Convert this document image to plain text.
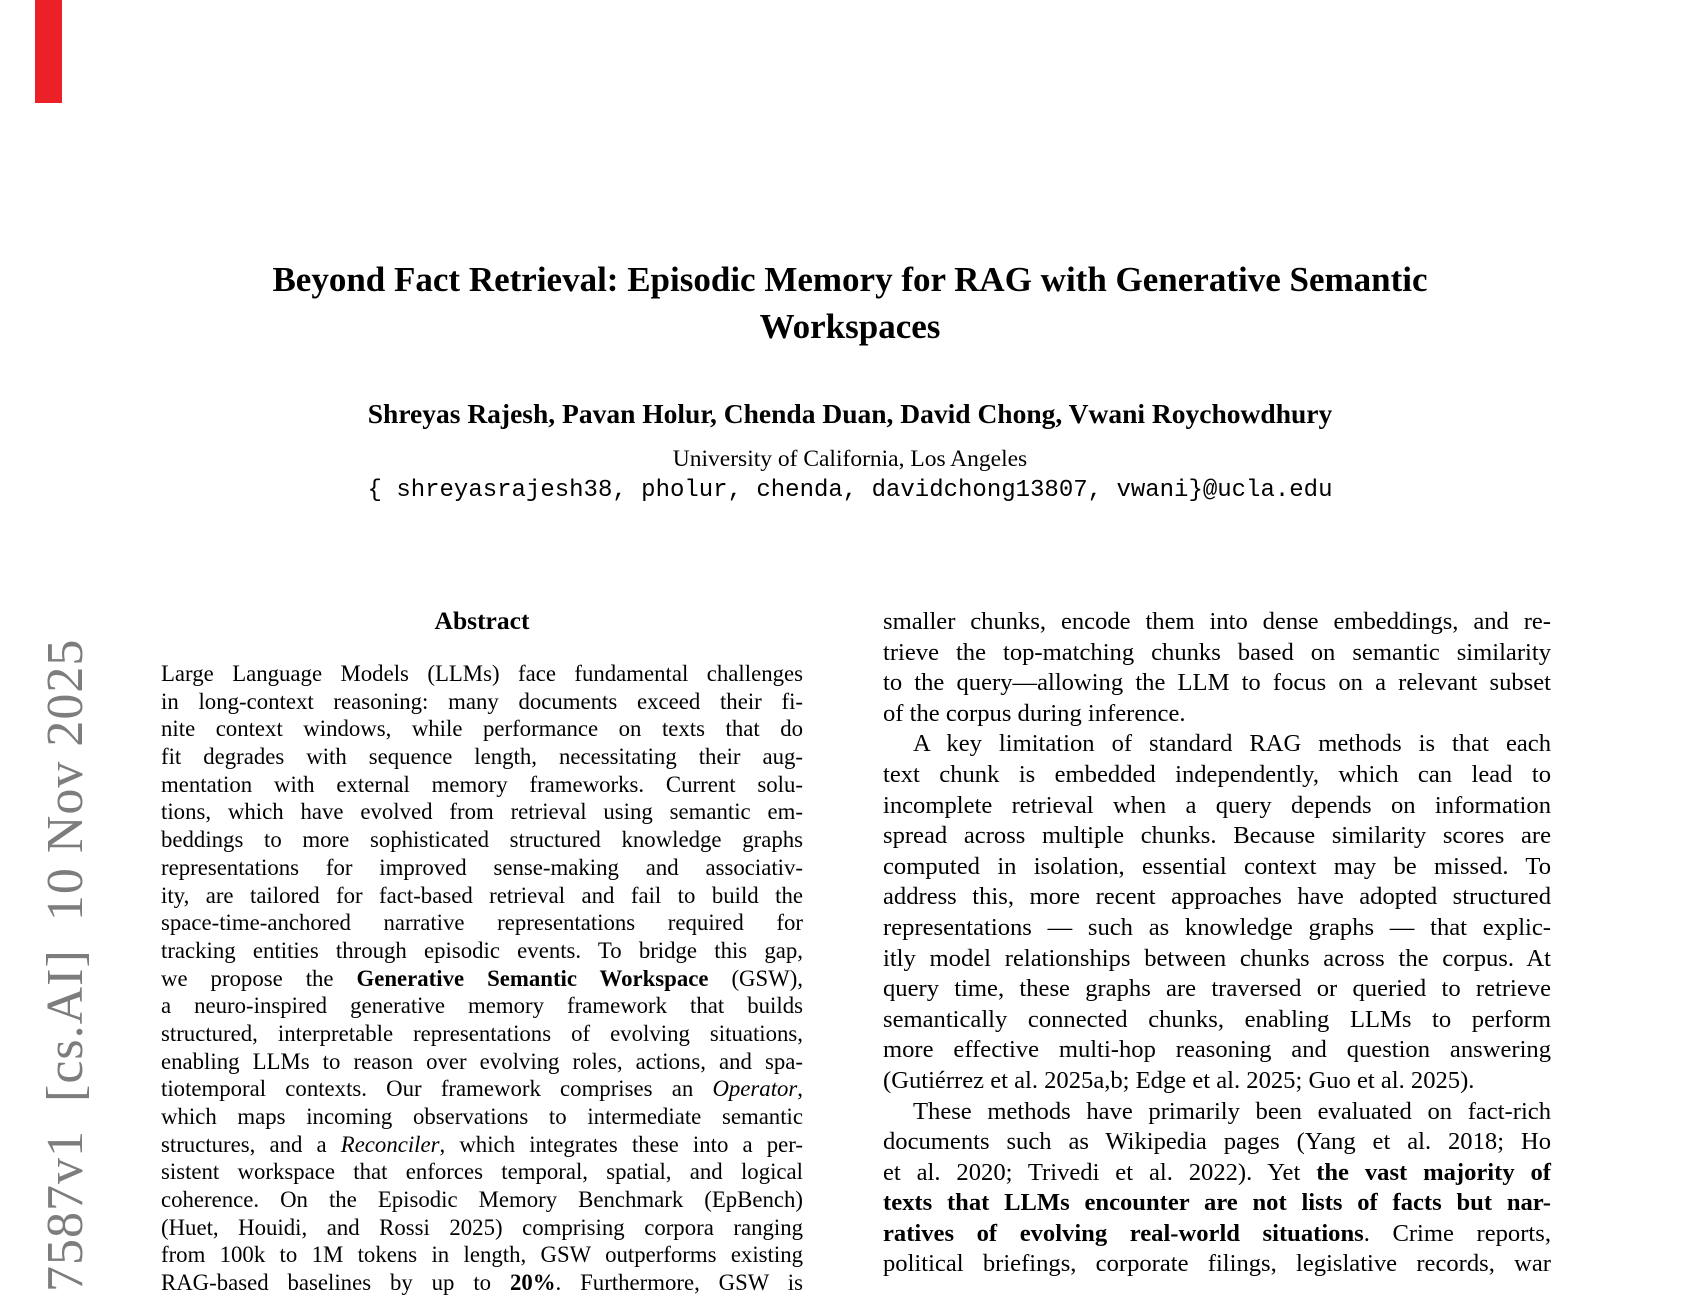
7587v1  [cs.AI]  10 Nov 2025
Beyond Fact Retrieval: Episodic Memory for RAG with Generative Semantic
Workspaces
Shreyas Rajesh, Pavan Holur, Chenda Duan, David Chong, Vwani Roychowdhury
University of California, Los Angeles
{ shreyasrajesh38, pholur, chenda, davidchong13807, vwani}@ucla.edu
Abstract
Large Language Models (LLMs) face fundamental challenges
in long-context reasoning: many documents exceed their fi-
nite context windows, while performance on texts that do
fit degrades with sequence length, necessitating their aug-
mentation with external memory frameworks. Current solu-
tions, which have evolved from retrieval using semantic em-
beddings to more sophisticated structured knowledge graphs
representations for improved sense-making and associativ-
ity, are tailored for fact-based retrieval and fail to build the
space-time-anchored narrative representations required for
tracking entities through episodic events. To bridge this gap,
we propose the Generative Semantic Workspace (GSW),
a neuro-inspired generative memory framework that builds
structured, interpretable representations of evolving situations,
enabling LLMs to reason over evolving roles, actions, and spa-
tiotemporal contexts. Our framework comprises an Operator,
which maps incoming observations to intermediate semantic
structures, and a Reconciler, which integrates these into a per-
sistent workspace that enforces temporal, spatial, and logical
coherence. On the Episodic Memory Benchmark (EpBench)
(Huet, Houidi, and Rossi 2025) comprising corpora ranging
from 100k to 1M tokens in length, GSW outperforms existing
RAG-based baselines by up to 20%. Furthermore, GSW is
smaller chunks, encode them into dense embeddings, and re-
trieve the top-matching chunks based on semantic similarity
to the query—allowing the LLM to focus on a relevant subset
of the corpus during inference.
A key limitation of standard RAG methods is that each
text chunk is embedded independently, which can lead to
incomplete retrieval when a query depends on information
spread across multiple chunks. Because similarity scores are
computed in isolation, essential context may be missed. To
address this, more recent approaches have adopted structured
representations — such as knowledge graphs — that explic-
itly model relationships between chunks across the corpus. At
query time, these graphs are traversed or queried to retrieve
semantically connected chunks, enabling LLMs to perform
more effective multi-hop reasoning and question answering
(Gutiérrez et al. 2025a,b; Edge et al. 2025; Guo et al. 2025).
These methods have primarily been evaluated on fact-rich
documents such as Wikipedia pages (Yang et al. 2018; Ho
et al. 2020; Trivedi et al. 2022). Yet the vast majority of
texts that LLMs encounter are not lists of facts but nar-
ratives of evolving real-world situations. Crime reports,
political briefings, corporate filings, legislative records, war
